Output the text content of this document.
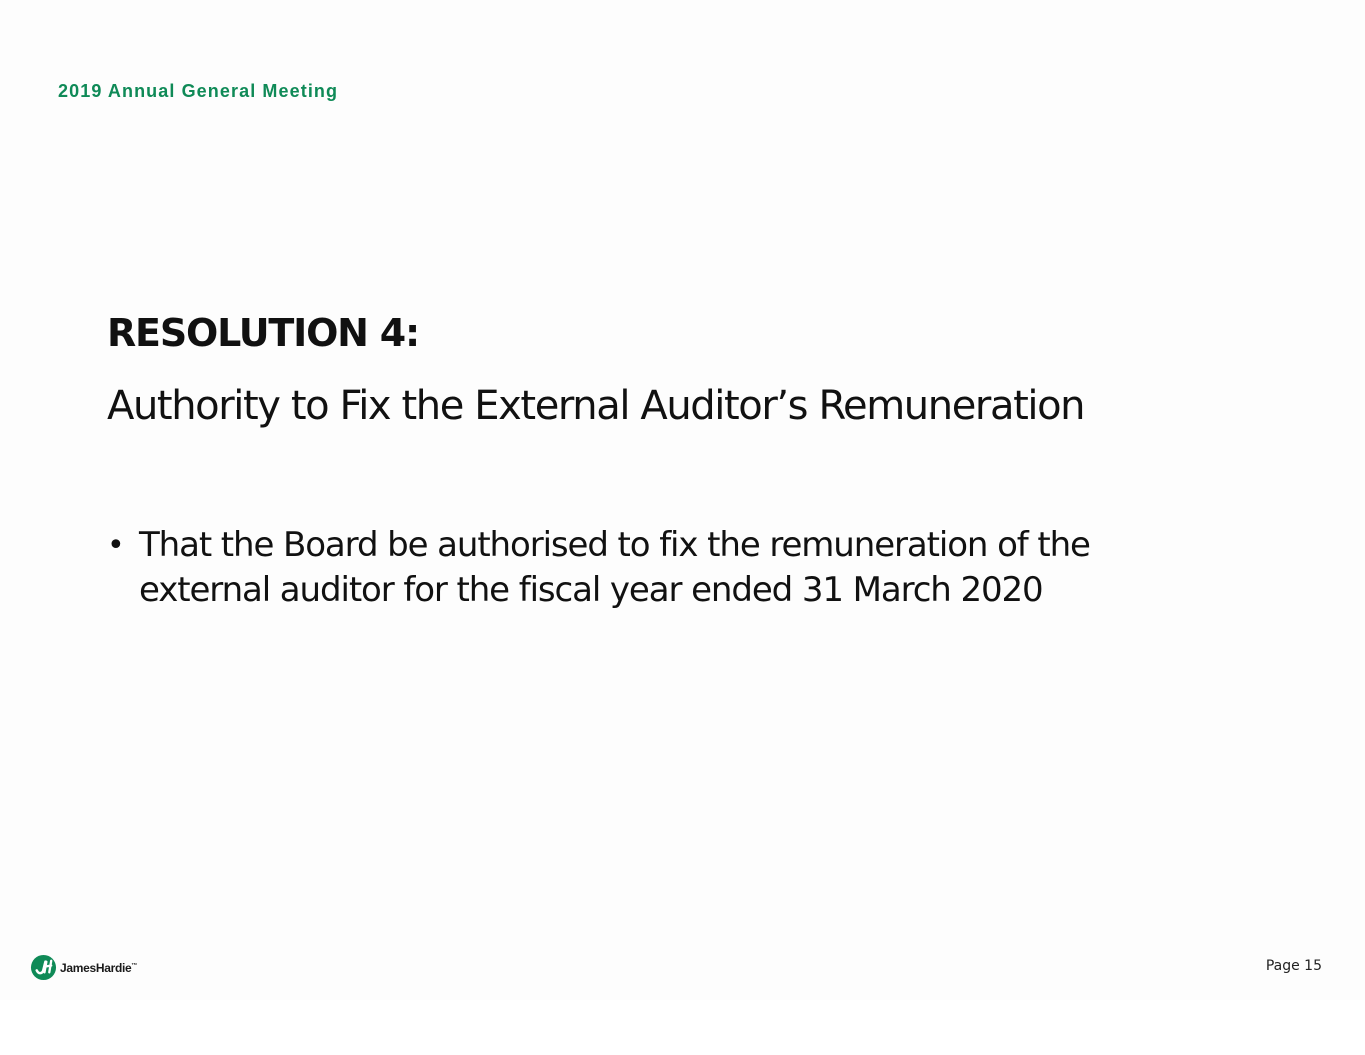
2019 Annual General Meeting
RESOLUTION 4:
Authority to Fix the External Auditor’s Remuneration
• That the Board be authorised to fix the remuneration of the
external auditor for the fiscal year ended 31 March 2020
JamesHardie™	Page 15
